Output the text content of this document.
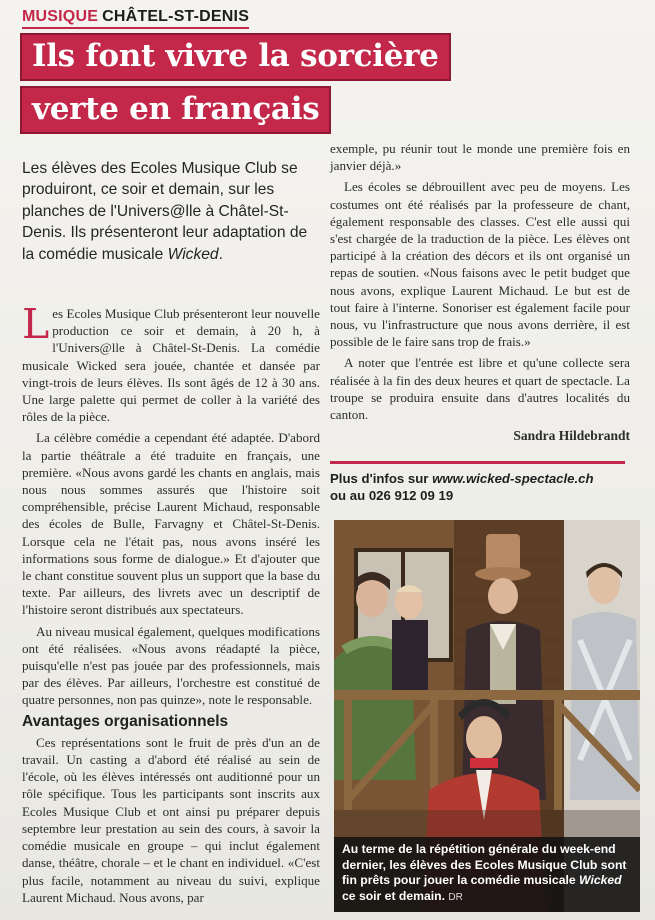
MUSIQUE CHÂTEL-ST-DENIS
Ils font vivre la sorcière
verte en français
Les élèves des Ecoles Musique Club se produiront, ce soir et demain, sur les planches de l'Univers@lle à Châtel-St-Denis. Ils présenteront leur adaptation de la comédie musicale Wicked.

Les Ecoles Musique Club présenteront leur nouvelle production ce soir et demain, à 20 h, à l'Univers@lle à Châtel-St-Denis. La comédie musicale Wicked sera jouée, chantée et dansée par vingt-trois de leurs élèves. Ils sont âgés de 12 à 30 ans. Une large palette qui permet de coller à la variété des rôles de la pièce.

La célèbre comédie a cependant été adaptée. D'abord la partie théâtrale a été traduite en français, une première. «Nous avons gardé les chants en anglais, mais nous nous sommes assurés que l'histoire soit compréhensible, précise Laurent Michaud, responsable des écoles de Bulle, Farvagny et Châtel-St-Denis. Lorsque cela ne l'était pas, nous avons inséré les informations sous forme de dialogue.» Et d'ajouter que le chant constitue souvent plus un support que la base du texte. Par ailleurs, des livrets avec un descriptif de l'histoire seront distribués aux spectateurs.

Au niveau musical également, quelques modifications ont été réalisées. «Nous avons réadapté la pièce, puisqu'elle n'est pas jouée par des professionnels, mais par des élèves. Par ailleurs, l'orchestre est constitué de quatre personnes, non pas quinze», note le responsable.

Avantages organisationnels

Ces représentations sont le fruit de près d'un an de travail. Un casting a d'abord été réalisé au sein de l'école, où les élèves intéressés ont auditionné pour un rôle spécifique. Tous les participants sont inscrits aux Ecoles Musique Club et ont ainsi pu préparer depuis septembre leur prestation au sein des cours, à savoir la comédie musicale en groupe – qui inclut également danse, théâtre, chorale – et le chant en individuel. «C'est plus facile, notamment au niveau du suivi, explique Laurent Michaud. Nous avons, par

exemple, pu réunir tout le monde une première fois en janvier déjà.»

Les écoles se débrouillent avec peu de moyens. Les costumes ont été réalisés par la professeure de chant, également responsable des classes. C'est elle aussi qui s'est chargée de la traduction de la pièce. Les élèves ont participé à la création des décors et ils ont organisé un repas de soutien. «Nous faisons avec le petit budget que nous avons, explique Laurent Michaud. Le but est de tout faire à l'interne. Sonoriser est également facile pour nous, vu l'infrastructure que nous avons derrière, il est possible de le faire sans trop de frais.»

A noter que l'entrée est libre et qu'une collecte sera réalisée à la fin des deux heures et quart de spectacle. La troupe se produira ensuite dans d'autres localités du canton.

Sandra Hildebrandt
Plus d'infos sur www.wicked-spectacle.ch
ou au 026 912 09 19
Au terme de la répétition générale du week-end dernier, les élèves des Ecoles Musique Club sont fin prêts pour jouer la comédie musicale Wicked ce soir et demain. DR
